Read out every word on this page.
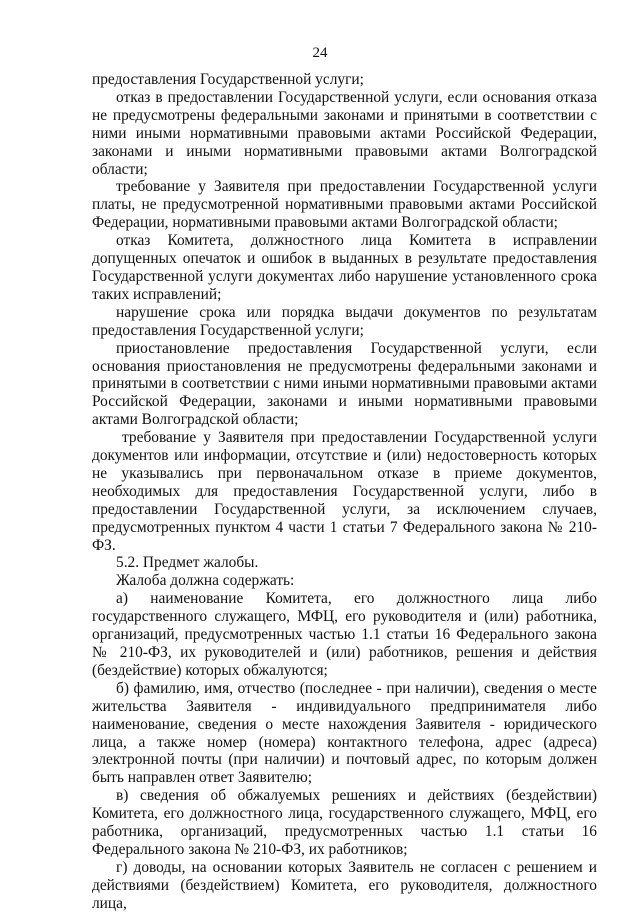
24

предоставления Государственной услуги;

отказ в предоставлении Государственной услуги, если основания отказа не предусмотрены федеральными законами и принятыми в соответствии с ними иными нормативными правовыми актами Российской Федерации, законами и иными нормативными правовыми актами Волгоградской области;

требование у Заявителя при предоставлении Государственной услуги платы, не предусмотренной нормативными правовыми актами Российской Федерации, нормативными правовыми актами Волгоградской области;

отказ Комитета, должностного лица Комитета в исправлении допущенных опечаток и ошибок в выданных в результате предоставления Государственной услуги документах либо нарушение установленного срока таких исправлений;

нарушение срока или порядка выдачи документов по результатам предоставления Государственной услуги;

приостановление предоставления Государственной услуги, если основания приостановления не предусмотрены федеральными законами и принятыми в соответствии с ними иными нормативными правовыми актами Российской Федерации, законами и иными нормативными правовыми актами Волгоградской области;

требование у Заявителя при предоставлении Государственной услуги документов или информации, отсутствие и (или) недостоверность которых не указывались при первоначальном отказе в приеме документов, необходимых для предоставления Государственной услуги, либо в предоставлении Государственной услуги, за исключением случаев, предусмотренных пунктом 4 части 1 статьи 7 Федерального закона № 210-ФЗ.

5.2. Предмет жалобы.

Жалоба должна содержать:

а) наименование Комитета, его должностного лица либо государственного служащего, МФЦ, его руководителя и (или) работника, организаций, предусмотренных частью 1.1 статьи 16 Федерального закона № 210-ФЗ, их руководителей и (или) работников, решения и действия (бездействие) которых обжалуются;

б) фамилию, имя, отчество (последнее - при наличии), сведения о месте жительства Заявителя - индивидуального предпринимателя либо наименование, сведения о месте нахождения Заявителя - юридического лица, а также номер (номера) контактного телефона, адрес (адреса) электронной почты (при наличии) и почтовый адрес, по которым должен быть направлен ответ Заявителю;

в) сведения об обжалуемых решениях и действиях (бездействии) Комитета, его должностного лица, государственного служащего, МФЦ, его работника, организаций, предусмотренных частью 1.1 статьи 16 Федерального закона № 210-ФЗ, их работников;

г) доводы, на основании которых Заявитель не согласен с решением и действиями (бездействием) Комитета, его руководителя, должностного лица,
